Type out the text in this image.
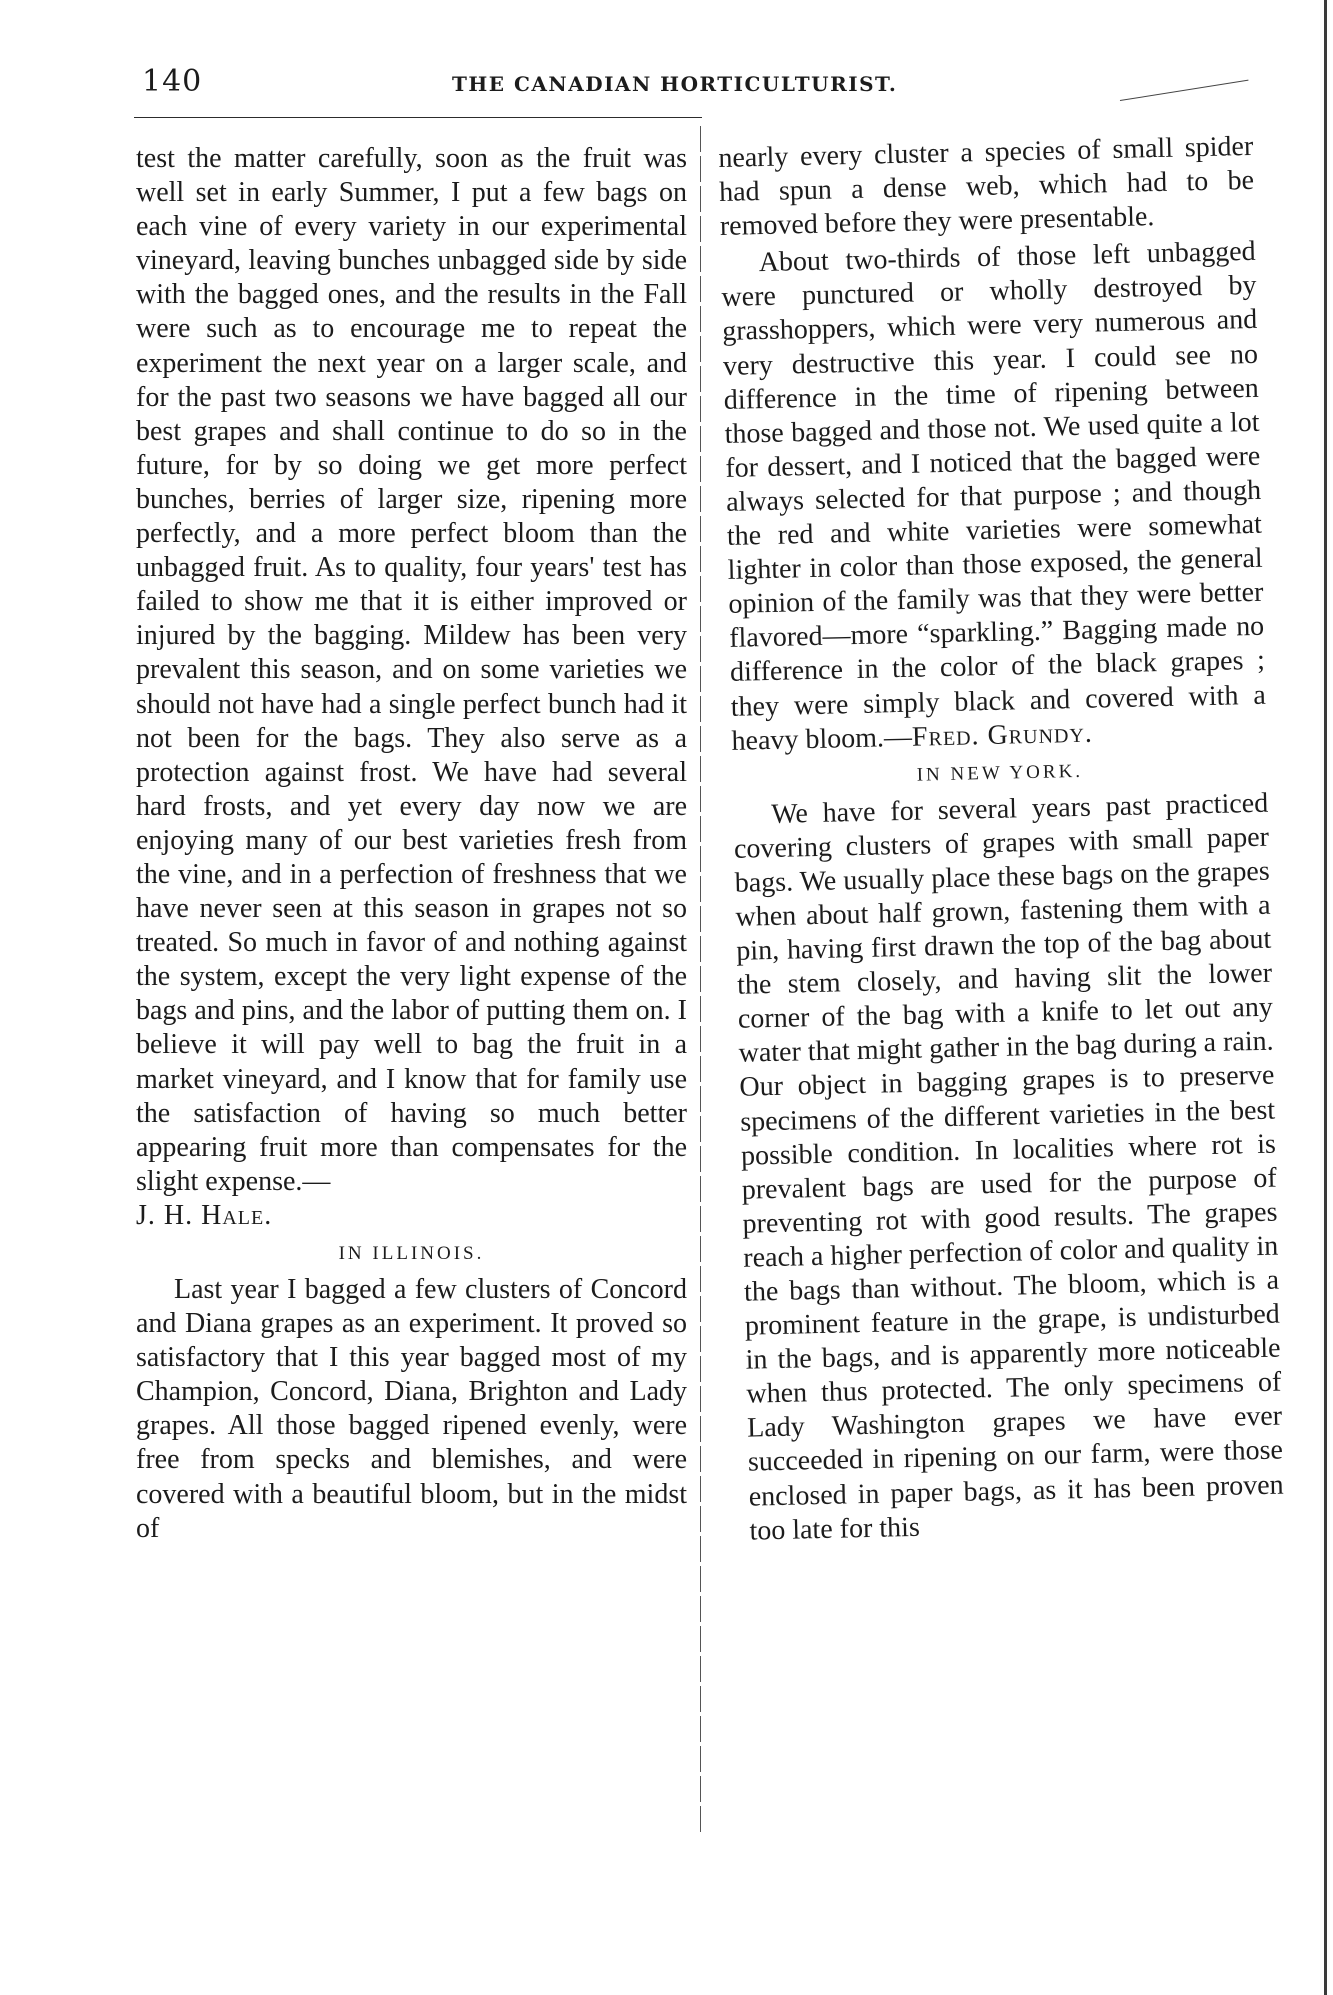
140	THE CANADIAN HORTICULTURIST.

test the matter carefully, soon as the fruit was well set in early Summer, I put a few bags on each vine of every variety in our experimental vineyard, leaving bunches unbagged side by side with the bagged ones, and the results in the Fall were such as to encourage me to repeat the experiment the next year on a larger scale, and for the past two seasons we have bagged all our best grapes and shall continue to do so in the future, for by so doing we get more perfect bunches, berries of larger size, ripening more perfectly, and a more perfect bloom than the unbagged fruit. As to quality, four years' test has failed to show me that it is either improved or injured by the bagging. Mildew has been very prevalent this season, and on some varieties we should not have had a single perfect bunch had it not been for the bags. They also serve as a protection against frost. We have had several hard frosts, and yet every day now we are enjoying many of our best varieties fresh from the vine, and in a perfection of freshness that we have never seen at this season in grapes not so treated. So much in favor of and nothing against the system, except the very light expense of the bags and pins, and the labor of putting them on. I believe it will pay well to bag the fruit in a market vineyard, and I know that for family use the satisfaction of having so much better appearing fruit more than compensates for the slight expense.—
J. H. Hale.

IN ILLINOIS.

Last year I bagged a few clusters of Concord and Diana grapes as an experiment. It proved so satisfactory that I this year bagged most of my Champion, Concord, Diana, Brighton and Lady grapes. All those bagged ripened evenly, were free from specks and blemishes, and were covered with a beautiful bloom, but in the midst of

nearly every cluster a species of small spider had spun a dense web, which had to be removed before they were presentable.

About two-thirds of those left unbagged were punctured or wholly destroyed by grasshoppers, which were very numerous and very destructive this year. I could see no difference in the time of ripening between those bagged and those not. We used quite a lot for dessert, and I noticed that the bagged were always selected for that purpose ; and though the red and white varieties were somewhat lighter in color than those exposed, the general opinion of the family was that they were better flavored—more “sparkling.” Bagging made no difference in the color of the black grapes ; they were simply black and covered with a heavy bloom.—Fred. Grundy.

IN NEW YORK.

We have for several years past practiced covering clusters of grapes with small paper bags. We usually place these bags on the grapes when about half grown, fastening them with a pin, having first drawn the top of the bag about the stem closely, and having slit the lower corner of the bag with a knife to let out any water that might gather in the bag during a rain. Our object in bagging grapes is to preserve specimens of the different varieties in the best possible condition. In localities where rot is prevalent bags are used for the purpose of preventing rot with good results. The grapes reach a higher perfection of color and quality in the bags than without. The bloom, which is a prominent feature in the grape, is undisturbed in the bags, and is apparently more noticeable when thus protected. The only specimens of Lady Washington grapes we have ever succeeded in ripening on our farm, were those enclosed in paper bags, as it has been proven too late for this
